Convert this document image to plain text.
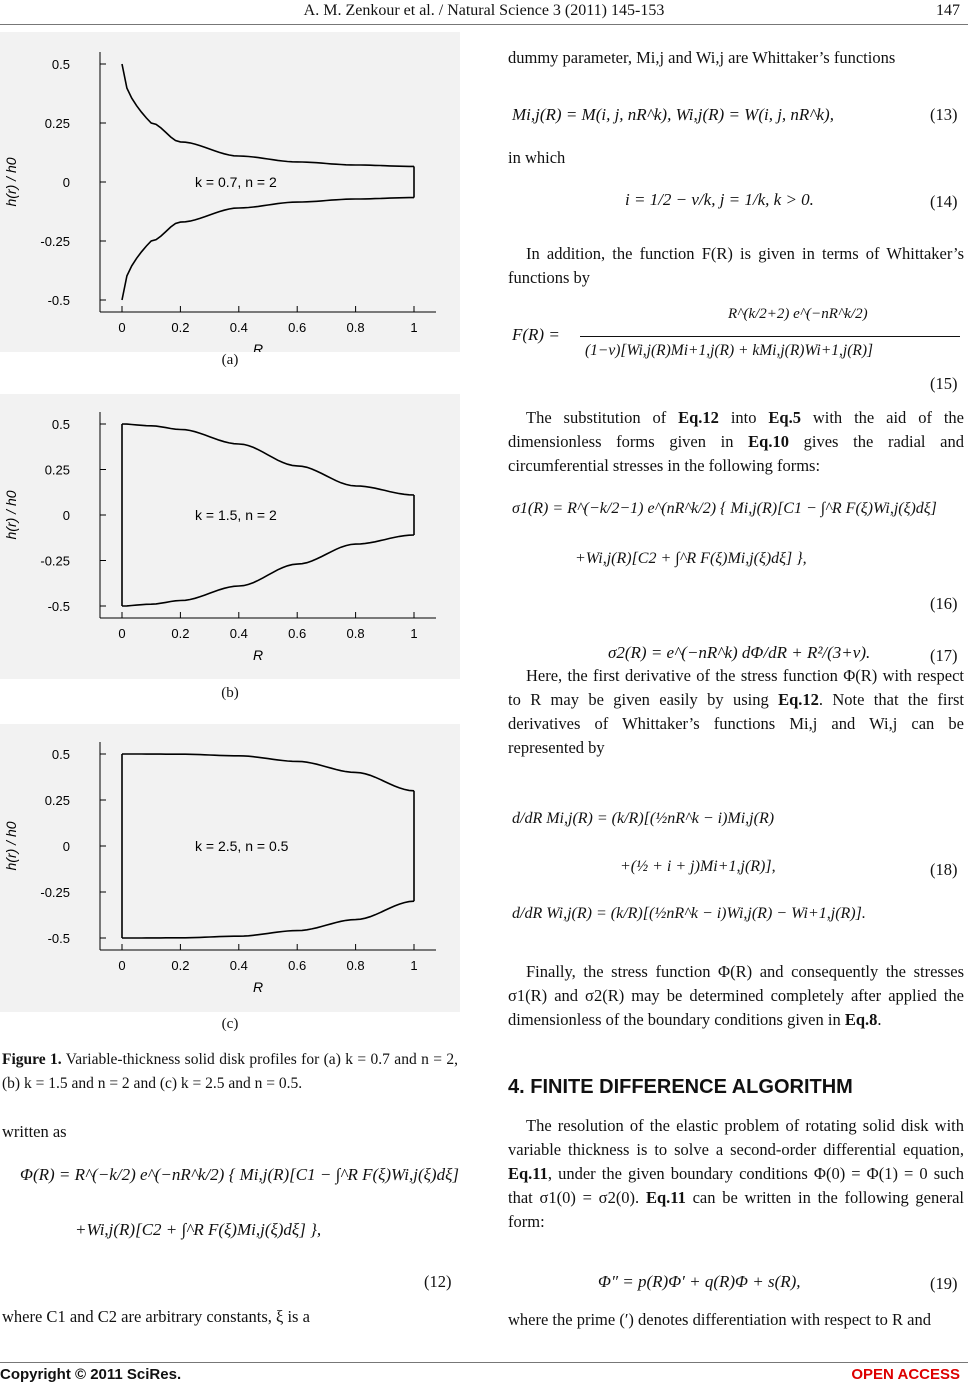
A. M. Zenkour et al. / Natural Science 3 (2011) 145-153	147
0.5
0.25
0
-0.25
-0.5
0	0.2	0.4	0.6	0.8	1
R
h(r) / h0	k = 0.7, n = 2
(a)
0.5
0.25
0
-0.25
-0.5
0	0.2	0.4	0.6	0.8	1
R
h(r) / h0	k = 1.5, n = 2
(b)
0.5
0.25
0
-0.25
-0.5
0	0.2	0.4	0.6	0.8	1
R
h(r) / h0	k = 2.5, n = 0.5
(c)
Figure 1. Variable-thickness solid disk profiles for (a) k = 0.7 and n = 2, (b) k = 1.5 and n = 2 and (c) k = 2.5 and n = 0.5.
written as
Φ(R) = R^(−k/2) e^(−nR^k/2) { Mi,j(R)[C1 − ∫^R F(ξ)Wi,j(ξ)dξ]
+Wi,j(R)[C2 + ∫^R F(ξ)Mi,j(ξ)dξ] },
(12)
where C1 and C2 are arbitrary constants, ξ is a
dummy parameter, Mi,j and Wi,j are Whittaker’s functions
Mi,j(R) = M(i, j, nR^k), Wi,j(R) = W(i, j, nR^k),	(13)
in which
i = 1/2 − ν/k, j = 1/k, k > 0.	(14)
In addition, the function F(R) is given in terms of Whittaker’s functions by
F(R) =
R^(k/2+2) e^(−nR^k/2)
(1−ν)[Wi,j(R)Mi+1,j(R) + kMi,j(R)Wi+1,j(R)]
(15)
The substitution of Eq.12 into Eq.5 with the aid of the dimensionless forms given in Eq.10 gives the radial and circumferential stresses in the following forms:
σ1(R) = R^(−k/2−1) e^(nR^k/2) { Mi,j(R)[C1 − ∫^R F(ξ)Wi,j(ξ)dξ]
+Wi,j(R)[C2 + ∫^R F(ξ)Mi,j(ξ)dξ] },
(16)
σ2(R) = e^(−nR^k) dΦ/dR + R²/(3+ν).	(17)
Here, the first derivative of the stress function Φ(R) with respect to R may be given easily by using Eq.12. Note that the first derivatives of Whittaker’s functions Mi,j and Wi,j can be represented by
d/dR Mi,j(R) = (k/R)[(½nR^k − i)Mi,j(R)
+(½ + i + j)Mi+1,j(R)],
d/dR Wi,j(R) = (k/R)[(½nR^k − i)Wi,j(R) − Wi+1,j(R)].
(18)
Finally, the stress function Φ(R) and consequently the stresses σ1(R) and σ2(R) may be determined completely after applied the dimensionless of the boundary conditions given in Eq.8.
4. FINITE DIFFERENCE ALGORITHM
The resolution of the elastic problem of rotating solid disk with variable thickness is to solve a second-order differential equation, Eq.11, under the given boundary conditions Φ(0) = Φ(1) = 0 such that σ1(0) = σ2(0). Eq.11 can be written in the following general form:
Φ″ = p(R)Φ′ + q(R)Φ + s(R),	(19)
where the prime (′) denotes differentiation with respect to R and
Copyright © 2011 SciRes.	OPEN ACCESS
